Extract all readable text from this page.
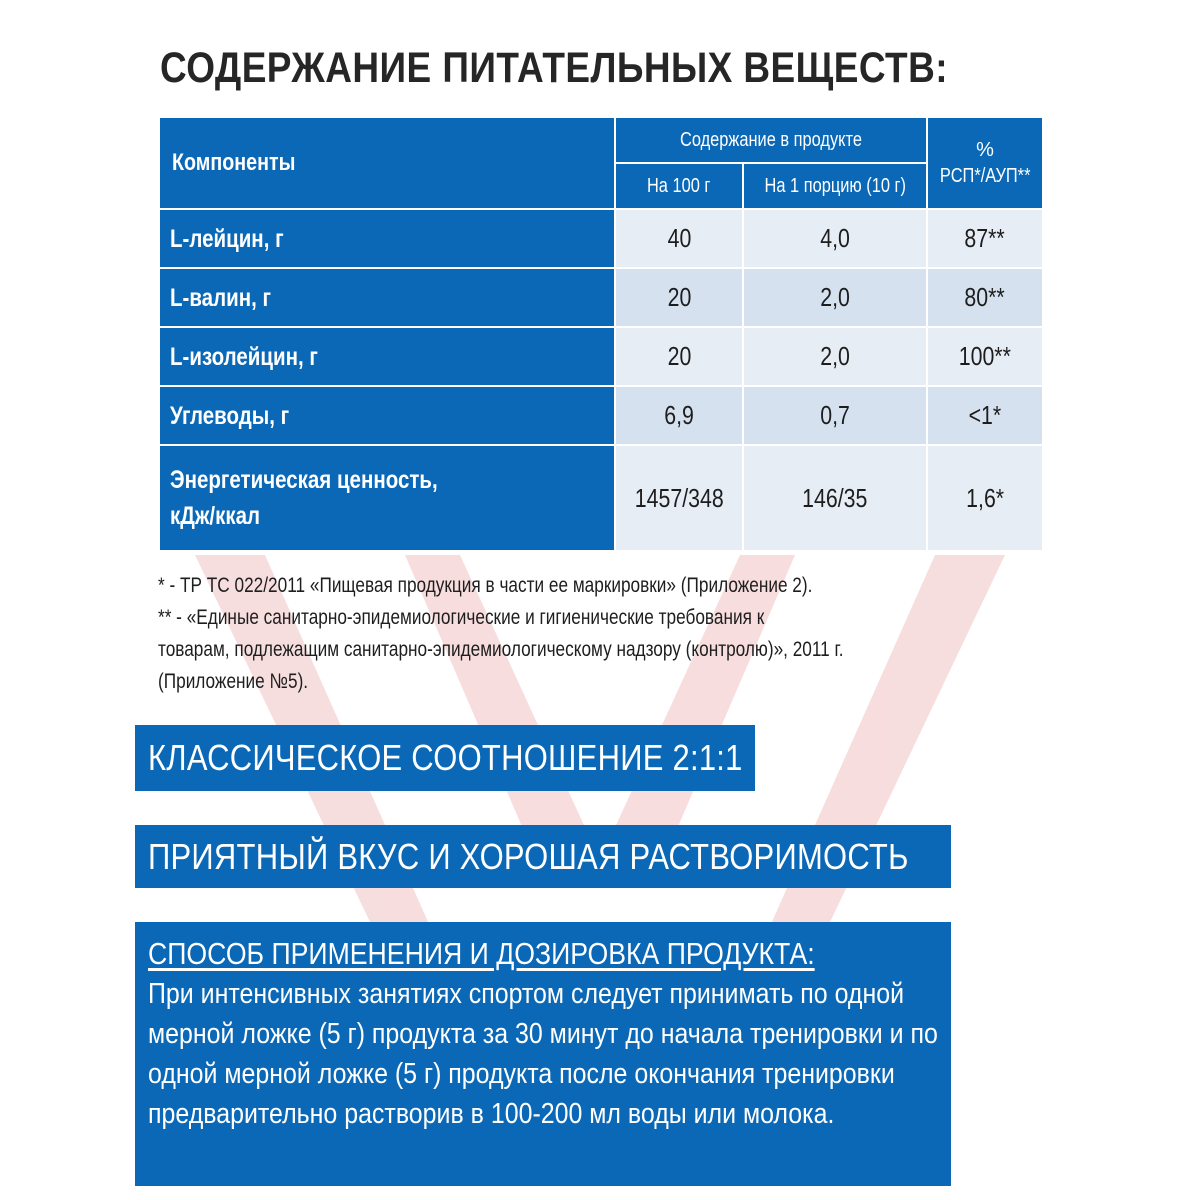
СОДЕРЖАНИЕ ПИТАТЕЛЬНЫХ ВЕЩЕСТВ:
Компоненты	Содержание в продукте		%
РСП*/АУП**

	На 100 г	На 1 порцию (10 г)	
L-лейцин, г	40	4,0	87**
L-валин, г	20	2,0	80**
L-изолейцин, г	20	2,0	100**
Углеводы, г	6,9	0,7	<1*

Энергетическая ценность,
кДж/ккал	1457/348	146/35	1,6*

* - ТР ТС 022/2011 «Пищевая продукция в части ее маркировки» (Приложение 2).

** - «Единые санитарно-эпидемиологические и гигиенические требования к

товарам, подлежащим санитарно-эпидемиологическому надзору (контролю)», 2011 г.

(Приложение №5).

КЛАССИЧЕСКОЕ СООТНОШЕНИЕ 2:1:1
ПРИЯТНЫЙ ВКУС И ХОРОШАЯ РАСТВОРИМОСТЬ
СПОСОБ ПРИМЕНЕНИЯ И ДОЗИРОВКА ПРОДУКТА:
При интенсивных занятиях спортом следует принимать по одной мерной ложке (5 г) продукта за 30 минут до начала тренировки и по одной мерной ложке (5 г) продукта после окончания тренировки предварительно растворив в 100-200 мл воды или молока.
